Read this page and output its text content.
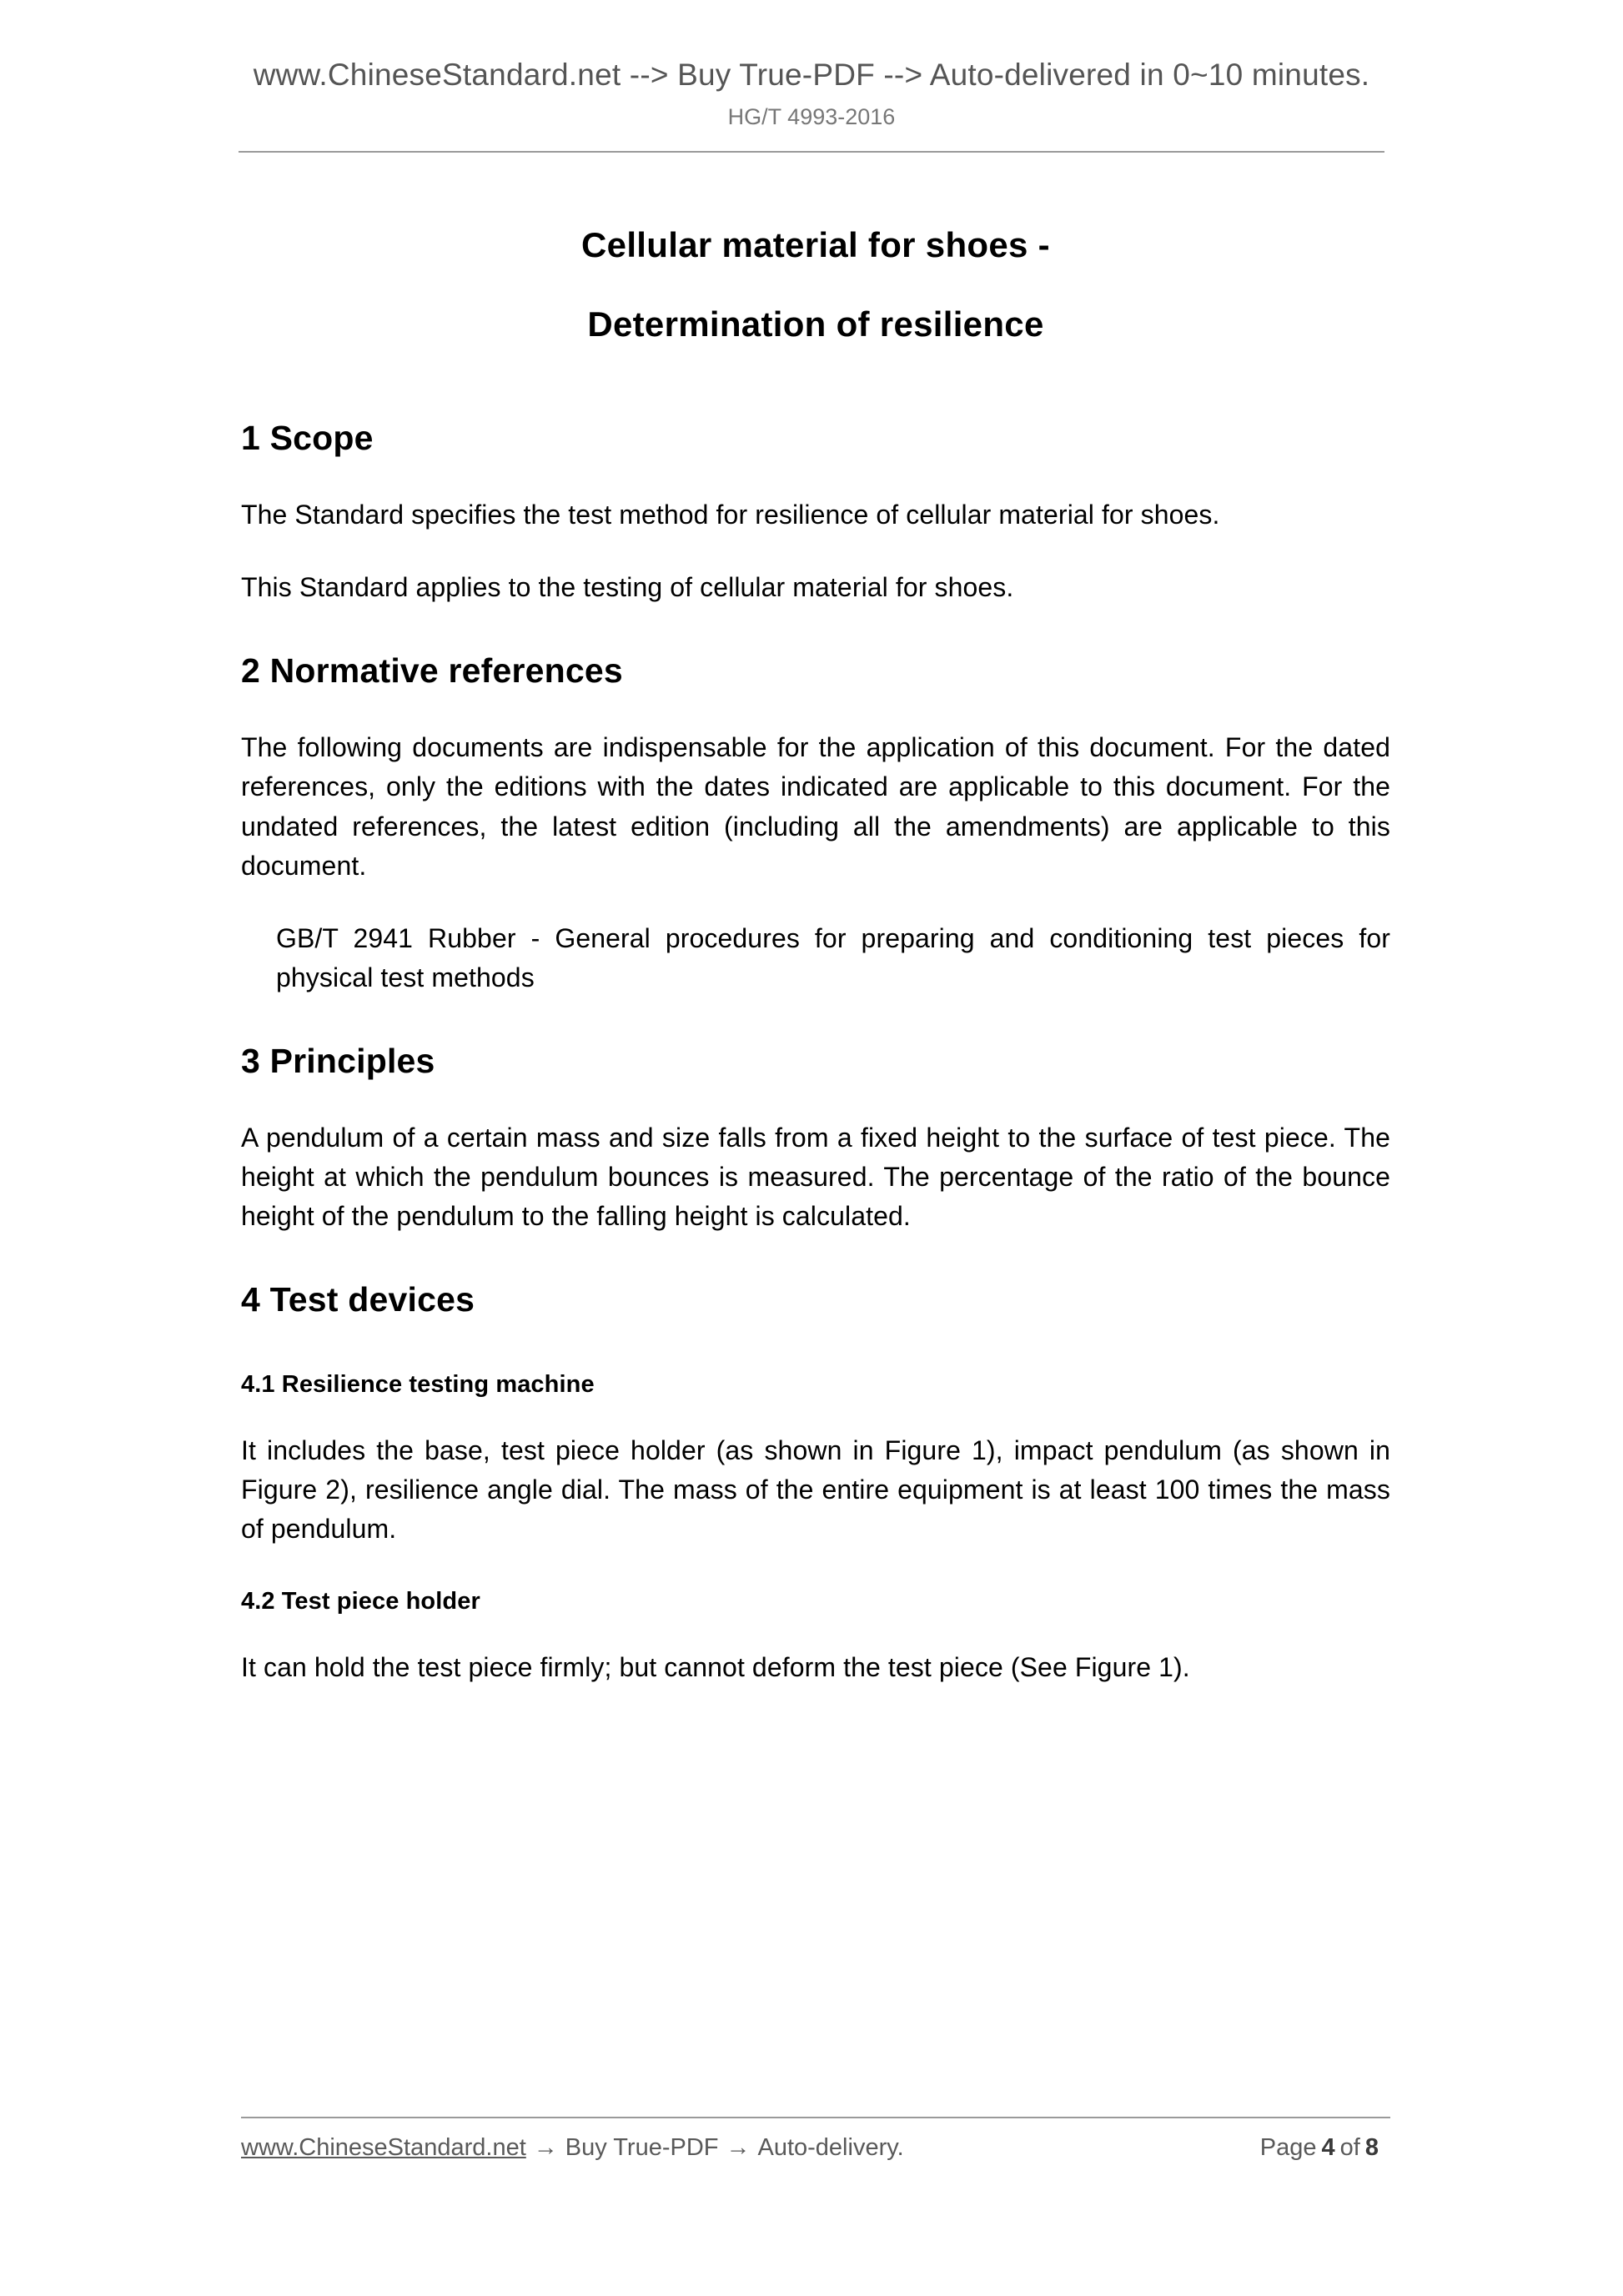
www.ChineseStandard.net --> Buy True-PDF --> Auto-delivered in 0~10 minutes.
HG/T 4993-2016
Cellular material for shoes -
Determination of resilience
1 Scope

The Standard specifies the test method for resilience of cellular material for shoes.

This Standard applies to the testing of cellular material for shoes.

2 Normative references

The following documents are indispensable for the application of this document. For the dated references, only the editions with the dates indicated are applicable to this document. For the undated references, the latest edition (including all the amendments) are applicable to this document.

GB/T 2941 Rubber - General procedures for preparing and conditioning test pieces for physical test methods

3 Principles

A pendulum of a certain mass and size falls from a fixed height to the surface of test piece. The height at which the pendulum bounces is measured. The percentage of the ratio of the bounce height of the pendulum to the falling height is calculated.

4 Test devices
4.1 Resilience testing machine

It includes the base, test piece holder (as shown in Figure 1), impact pendulum (as shown in Figure 2), resilience angle dial. The mass of the entire equipment is at least 100 times the mass of pendulum.

4.2 Test piece holder

It can hold the test piece firmly; but cannot deform the test piece (See Figure 1).

www.ChineseStandard.net → Buy True-PDF → Auto-delivery.	Page 4 of 8
